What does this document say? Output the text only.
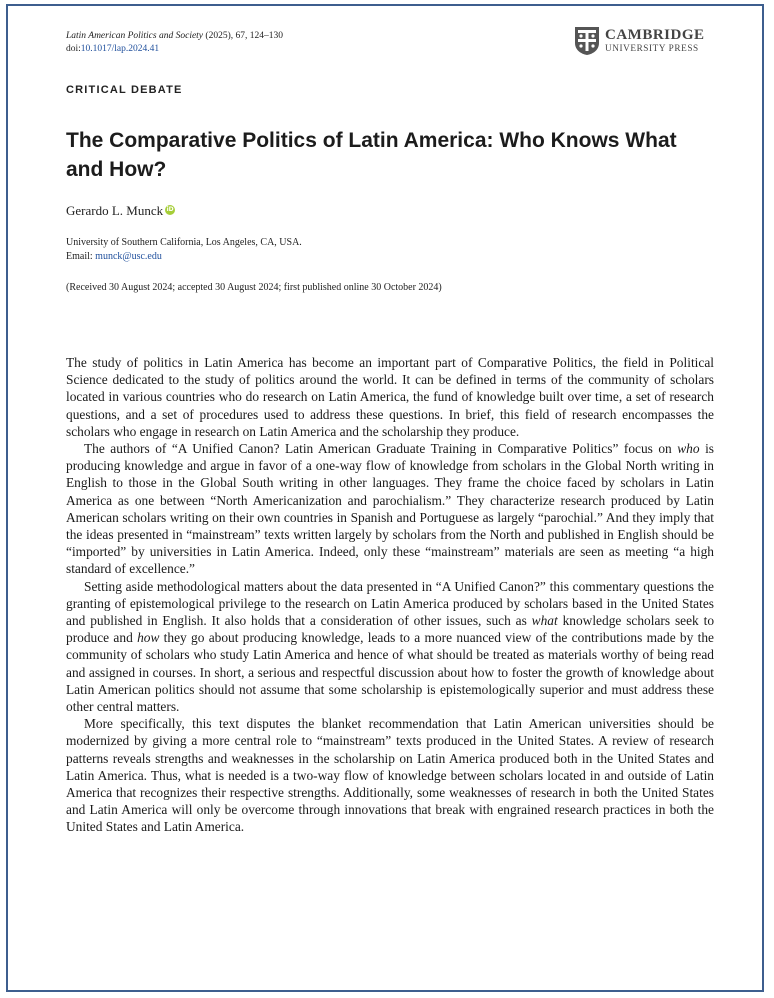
Latin American Politics and Society (2025), 67, 124–130
doi:10.1017/lap.2024.41
CAMBRIDGE
UNIVERSITY PRESS
CRITICAL DEBATE
The Comparative Politics of Latin America: Who Knows What and How?
Gerardo L. Munck iD
University of Southern California, Los Angeles, CA, USA.
Email: munck@usc.edu
(Received 30 August 2024; accepted 30 August 2024; first published online 30 October 2024)

The study of politics in Latin America has become an important part of Comparative Politics, the field in Political Science dedicated to the study of politics around the world. It can be defined in terms of the community of scholars located in various countries who do research on Latin America, the fund of knowledge built over time, a set of research questions, and a set of procedures used to address these questions. In brief, this field of research encompasses the scholars who engage in research on Latin America and the scholarship they produce.

The authors of “A Unified Canon? Latin American Graduate Training in Comparative Politics” focus on who is producing knowledge and argue in favor of a one-way flow of knowledge from scholars in the Global North writing in English to those in the Global South writing in other languages. They frame the choice faced by scholars in Latin America as one between “North Americanization and parochialism.” They characterize research produced by Latin American scholars writing on their own countries in Spanish and Portuguese as largely “parochial.” And they imply that the ideas presented in “mainstream” texts written largely by scholars from the North and published in English should be “imported” by universities in Latin America. Indeed, only these “mainstream” materials are seen as meeting “a high standard of excellence.”

Setting aside methodological matters about the data presented in “A Unified Canon?” this commentary questions the granting of epistemological privilege to the research on Latin America produced by scholars based in the United States and published in English. It also holds that a consideration of other issues, such as what knowledge scholars seek to produce and how they go about producing knowledge, leads to a more nuanced view of the contributions made by the community of scholars who study Latin America and hence of what should be treated as materials worthy of being read and assigned in courses. In short, a serious and respectful discussion about how to foster the growth of knowledge about Latin American politics should not assume that some scholarship is epistemologically superior and must address these other central matters.

More specifically, this text disputes the blanket recommendation that Latin American universities should be modernized by giving a more central role to “mainstream” texts produced in the United States. A review of research patterns reveals strengths and weaknesses in the scholarship on Latin America produced both in the United States and Latin America. Thus, what is needed is a two-way flow of knowledge between scholars located in and outside of Latin America that recognizes their respective strengths. Additionally, some weaknesses of research in both the United States and Latin America will only be overcome through innovations that break with engrained research practices in both the United States and Latin America.
